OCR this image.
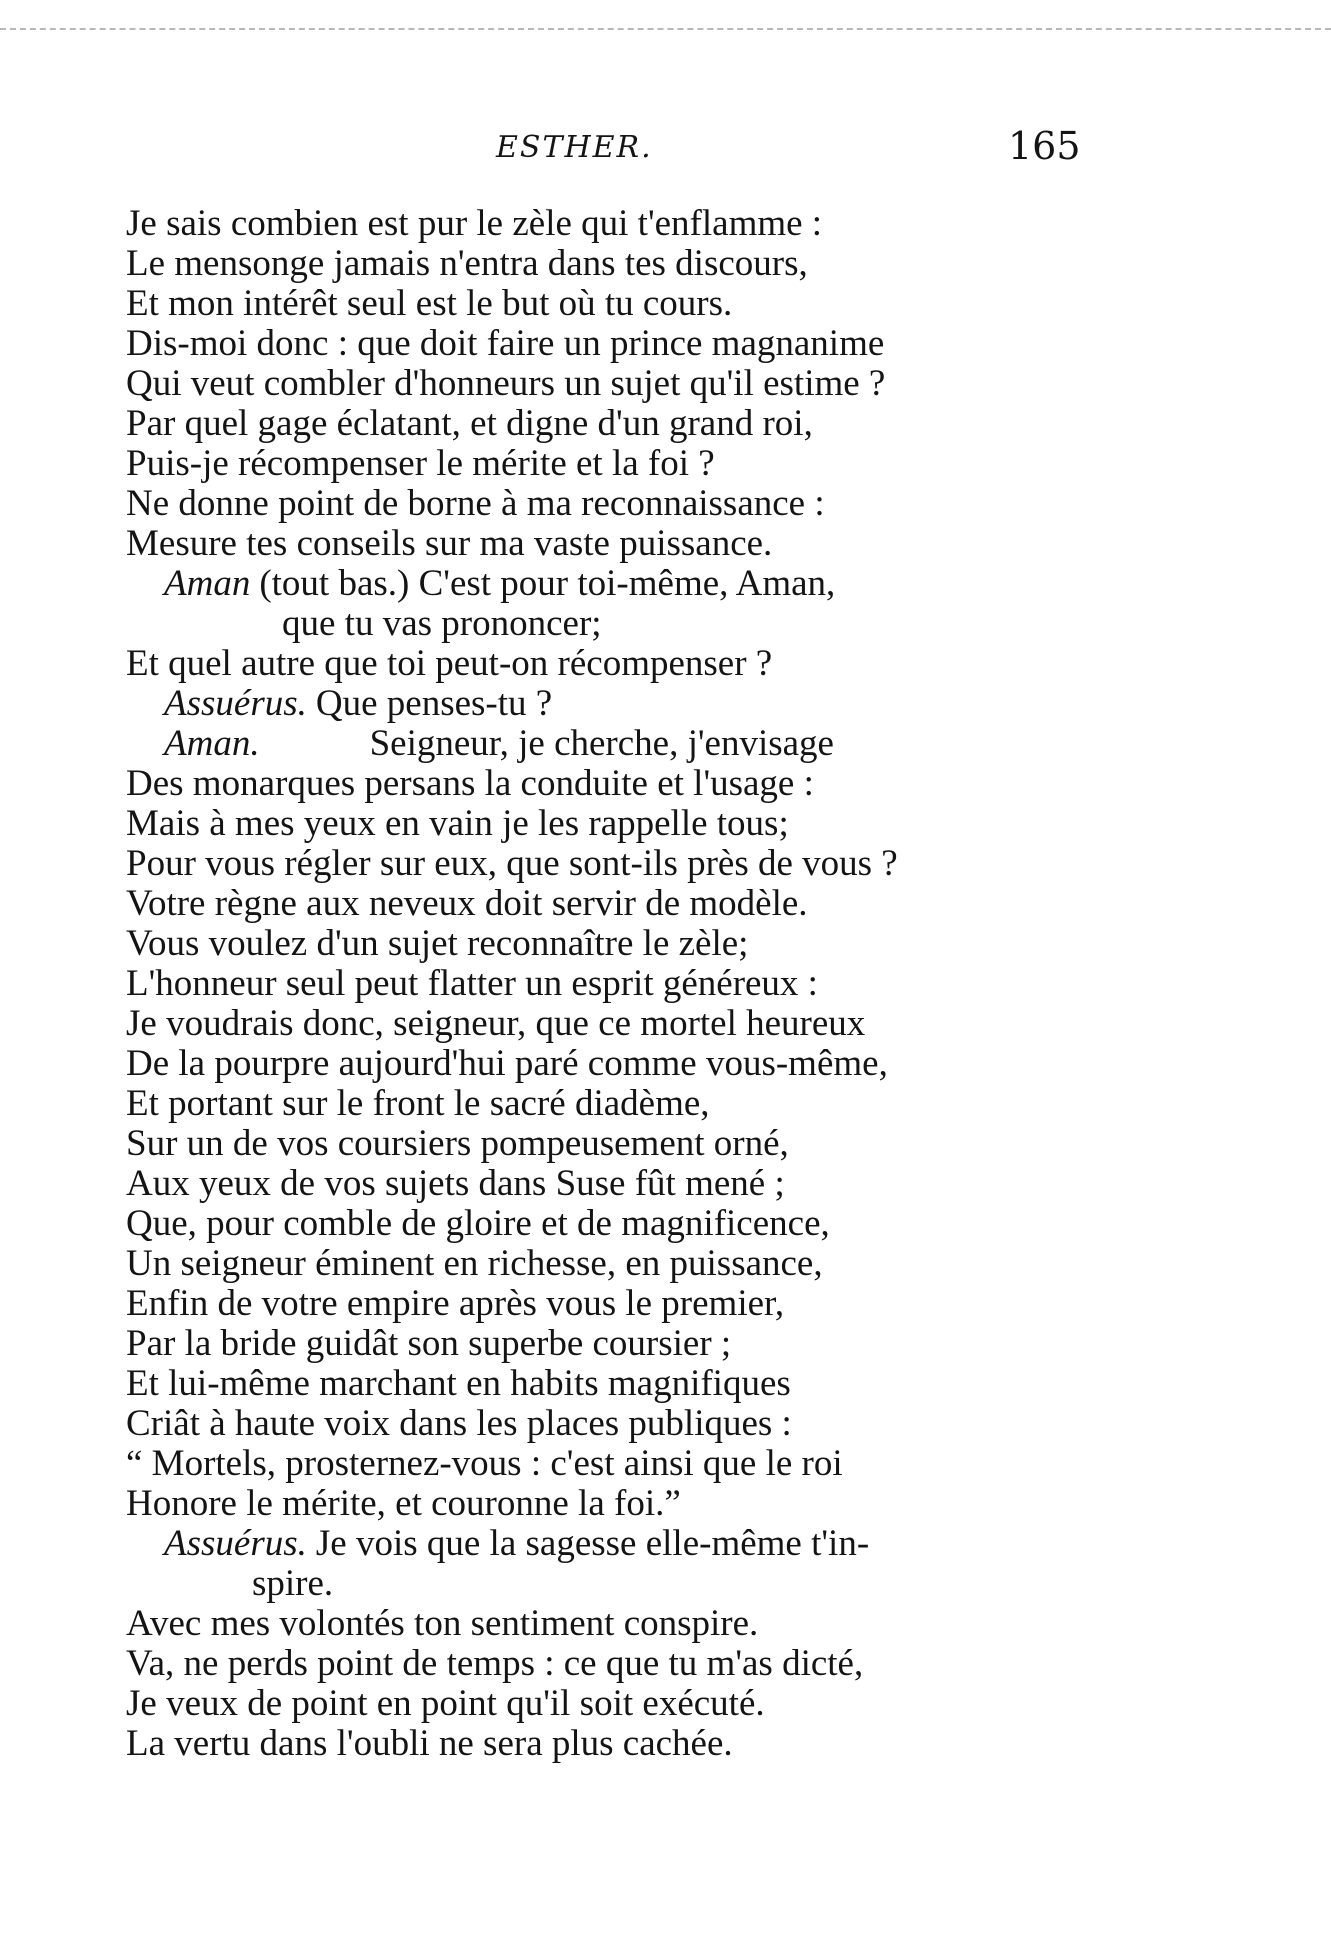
ESTHER.	165
Je sais combien est pur le zèle qui t'enflamme :
Le mensonge jamais n'entra dans tes discours,
Et mon intérêt seul est le but où tu cours.
Dis-moi donc : que doit faire un prince magnanime
Qui veut combler d'honneurs un sujet qu'il estime ?
Par quel gage éclatant, et digne d'un grand roi,
Puis-je récompenser le mérite et la foi ?
Ne donne point de borne à ma reconnaissance :
Mesure tes conseils sur ma vaste puissance.
Aman (tout bas.) C'est pour toi-même, Aman,
que tu vas prononcer;
Et quel autre que toi peut-on récompenser ?
Assuérus. Que penses-tu ?
Aman.	Seigneur, je cherche, j'envisage
Des monarques persans la conduite et l'usage :
Mais à mes yeux en vain je les rappelle tous;
Pour vous régler sur eux, que sont-ils près de vous ?
Votre règne aux neveux doit servir de modèle.
Vous voulez d'un sujet reconnaître le zèle;
L'honneur seul peut flatter un esprit généreux :
Je voudrais donc, seigneur, que ce mortel heureux
De la pourpre aujourd'hui paré comme vous-même,
Et portant sur le front le sacré diadème,
Sur un de vos coursiers pompeusement orné,
Aux yeux de vos sujets dans Suse fût mené ;
Que, pour comble de gloire et de magnificence,
Un seigneur éminent en richesse, en puissance,
Enfin de votre empire après vous le premier,
Par la bride guidât son superbe coursier ;
Et lui-même marchant en habits magnifiques
Criât à haute voix dans les places publiques :
“ Mortels, prosternez-vous : c'est ainsi que le roi
Honore le mérite, et couronne la foi.”
Assuérus. Je vois que la sagesse elle-même t'in-
spire.
Avec mes volontés ton sentiment conspire.
Va, ne perds point de temps : ce que tu m'as dicté,
Je veux de point en point qu'il soit exécuté.
La vertu dans l'oubli ne sera plus cachée.
